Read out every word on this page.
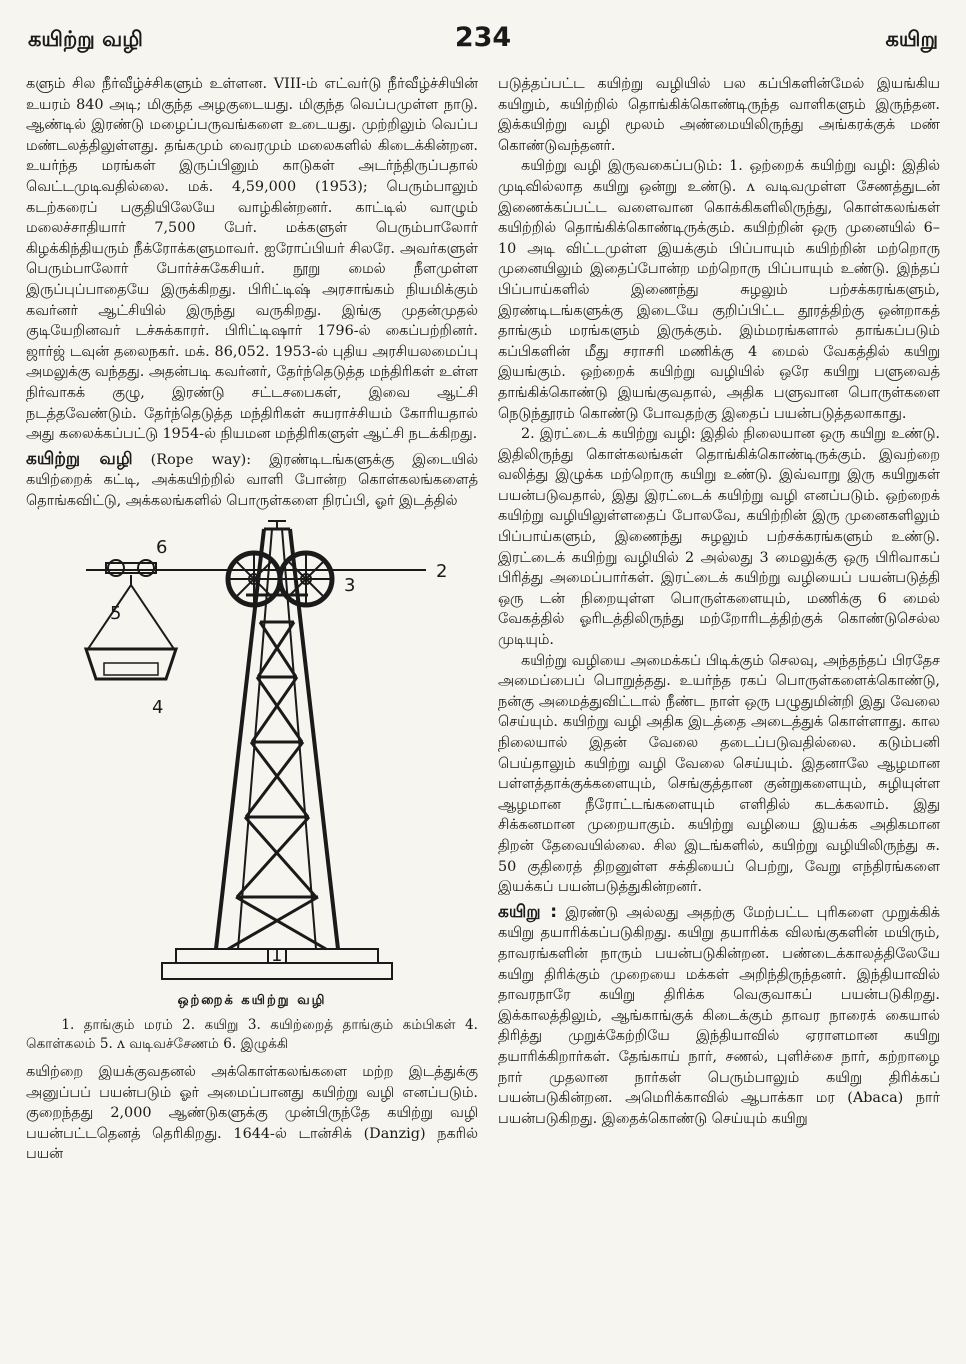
கயிற்று வழி	234	கயிறு

களும் சில நீர்வீழ்ச்சிகளும் உள்ளன. VIII-ம் எட்வர்டு நீர்வீழ்ச்சியின் உயரம் 840 அடி; மிகுந்த அழகுடையது. மிகுந்த வெப்பமுள்ள நாடு. ஆண்டில் இரண்டு மழைப்பருவங்களை உடையது. முற்றிலும் வெப்ப மண்டலத்திலுள்ளது. தங்கமும் வைரமும் மலைகளில் கிடைக்கின்றன. உயர்ந்த மரங்கள் இருப்பினும் காடுகள் அடர்ந்திருப்பதால் வெட்டமுடிவதில்லை. மக். 4,59,000 (1953); பெரும்பாலும் கடற்கரைப் பகுதியிலேயே வாழ்கின்றனர். காட்டில் வாழும் மலைச்சாதியார் 7,500 பேர். மக்களுள் பெரும்பாலோர் கிழக்கிந்தியரும் நீக்ரோக்களுமாவர். ஐரோப்பியர் சிலரே. அவர்களுள் பெரும்பாலோர் போர்ச்சுகேசியர். நூறு மைல் நீளமுள்ள இருப்புப்பாதையே இருக்கிறது. பிரிட்டிஷ் அரசாங்கம் நியமிக்கும் கவர்னர் ஆட்சியில் இருந்து வருகிறது. இங்கு முதன்முதல் குடியேறினவர் டச்சுக்காரர். பிரிட்டிஷார் 1796-ல் கைப்பற்றினர். ஜார்ஜ் டவுன் தலைநகர். மக். 86,052. 1953-ல் புதிய அரசியலமைப்பு அமலுக்கு வந்தது. அதன்படி கவர்னர், தேர்ந்தெடுத்த மந்திரிகள் உள்ள நிர்வாகக் குழு, இரண்டு சட்டசபைகள், இவை ஆட்சி நடத்தவேண்டும். தேர்ந்தெடுத்த மந்திரிகள் சுயராச்சியம் கோரியதால் அது கலைக்கப்பட்டு 1954-ல் நியமன மந்திரிகளுள் ஆட்சி நடக்கிறது.

கயிற்று வழி (Rope way): இரண்டிடங்களுக்கு இடையில் கயிற்றைக் கட்டி, அக்கயிற்றில் வாளி போன்ற கொள்கலங்களைத் தொங்கவிட்டு, அக்கலங்களில் பொருள்களை நிரப்பி, ஓர் இடத்தில்

1
2
3
4
5
6
ஒற்றைக் கயிற்று வழி

1. தாங்கும் மரம் 2. கயிறு 3. கயிற்றைத் தாங்கும் கம்பிகள் 4. கொள்கலம் 5. ʌ வடிவச்சேணம் 6. இழுக்கி

கயிற்றை இயக்குவதனல் அக்கொள்கலங்களை மற்ற இடத்துக்கு அனுப்பப் பயன்படும் ஓர் அமைப்பானது கயிற்று வழி எனப்படும். குறைந்தது 2,000 ஆண்டுகளுக்கு முன்பிருந்தே கயிற்று வழி பயன்பட்டதெனத் தெரிகிறது. 1644-ல் டான்சிக் (Danzig) நகரில் பயன்

படுத்தப்பட்ட கயிற்று வழியில் பல கப்பிகளின்மேல் இயங்கிய கயிறும், கயிற்றில் தொங்கிக்கொண்டிருந்த வாளிகளும் இருந்தன. இக்கயிற்று வழி மூலம் அண்மையிலிருந்து அங்கரக்குக் மண் கொண்டுவந்தனர்.

கயிற்று வழி இருவகைப்படும்: 1. ஒற்றைக் கயிற்று வழி: இதில் முடிவில்லாத கயிறு ஒன்று உண்டு. ʌ வடிவமுள்ள சேணத்துடன் இணைக்கப்பட்ட வளைவான கொக்கிகளிலிருந்து, கொள்கலங்கள் கயிற்றில் தொங்கிக்கொண்டிருக்கும். கயிற்றின் ஒரு முனையில் 6–10 அடி விட்டமுள்ள இயக்கும் பிப்பாயும் கயிற்றின் மற்றொரு முனையிலும் இதைப்போன்ற மற்றொரு பிப்பாயும் உண்டு. இந்தப் பிப்பாய்களில் இணைந்து சுழலும் பற்சக்கரங்களும், இரண்டிடங்களுக்கு இடையே குறிப்பிட்ட தூரத்திற்கு ஒன்றாகத் தாங்கும் மரங்களும் இருக்கும். இம்மரங்களால் தாங்கப்படும் கப்பிகளின் மீது சராசரி மணிக்கு 4 மைல் வேகத்தில் கயிறு இயங்கும். ஒற்றைக் கயிற்று வழியில் ஒரே கயிறு பளுவைத் தாங்கிக்கொண்டு இயங்குவதால், அதிக பளுவான பொருள்களை நெடுந்தூரம் கொண்டு போவதற்கு இதைப் பயன்படுத்தலாகாது.

2. இரட்டைக் கயிற்று வழி: இதில் நிலையான ஒரு கயிறு உண்டு. இதிலிருந்து கொள்கலங்கள் தொங்கிக்கொண்டிருக்கும். இவற்றை வலித்து இழுக்க மற்றொரு கயிறு உண்டு. இவ்வாறு இரு கயிறுகள் பயன்படுவதால், இது இரட்டைக் கயிற்று வழி எனப்படும். ஒற்றைக் கயிற்று வழியிலுள்ளதைப் போலவே, கயிற்றின் இரு முனைகளிலும் பிப்பாய்களும், இணைந்து சுழலும் பற்சக்கரங்களும் உண்டு. இரட்டைக் கயிற்று வழியில் 2 அல்லது 3 மைலுக்கு ஒரு பிரிவாகப் பிரித்து அமைப்பார்கள். இரட்டைக் கயிற்று வழியைப் பயன்படுத்தி ஒரு டன் நிறையுள்ள பொருள்களையும், மணிக்கு 6 மைல் வேகத்தில் ஓரிடத்திலிருந்து மற்றோரிடத்திற்குக் கொண்டுசெல்ல முடியும்.

கயிற்று வழியை அமைக்கப் பிடிக்கும் செலவு, அந்தந்தப் பிரதேச அமைப்பைப் பொறுத்தது. உயர்ந்த ரகப் பொருள்களைக்கொண்டு, நன்கு அமைத்துவிட்டால் நீண்ட நாள் ஒரு பழுதுமின்றி இது வேலை செய்யும். கயிற்று வழி அதிக இடத்தை அடைத்துக் கொள்ளாது. கால நிலையால் இதன் வேலை தடைப்படுவதில்லை. கடும்பனி பெய்தாலும் கயிற்று வழி வேலை செய்யும். இதனாலே ஆழமான பள்ளத்தாக்குக்களையும், செங்குத்தான குன்றுகளையும், சுழியுள்ள ஆழமான நீரோட்டங்களையும் எளிதில் கடக்கலாம். இது சிக்கனமான முறையாகும். கயிற்று வழியை இயக்க அதிகமான திறன் தேவையில்லை. சில இடங்களில், கயிற்று வழியிலிருந்து சு. 50 குதிரைத் திறனுள்ள சக்தியைப் பெற்று, வேறு எந்திரங்களை இயக்கப் பயன்படுத்துகின்றனர்.

கயிறு : இரண்டு அல்லது அதற்கு மேற்பட்ட புரிகளை முறுக்கிக் கயிறு தயாரிக்கப்படுகிறது. கயிறு தயாரிக்க விலங்குகளின் மயிரும், தாவரங்களின் நாரும் பயன்படுகின்றன. பண்டைக்காலத்திலேயே கயிறு திரிக்கும் முறையை மக்கள் அறிந்திருந்தனர். இந்தியாவில் தாவரநாரே கயிறு திரிக்க வெகுவாகப் பயன்படுகிறது. இக்காலத்திலும், ஆங்காங்குக் கிடைக்கும் தாவர நாரைக் கையால் திரித்து முறுக்கேற்றியே இந்தியாவில் ஏராளமான கயிறு தயாரிக்கிறார்கள். தேங்காய் நார், சணல், புளிச்சை நார், கற்றாழை நார் முதலான நார்கள் பெரும்பாலும் கயிறு திரிக்கப் பயன்படுகின்றன. அமெரிக்காவில் ஆபாக்கா மர (Abaca) நார் பயன்படுகிறது. இதைக்கொண்டு செய்யும் கயிறு
